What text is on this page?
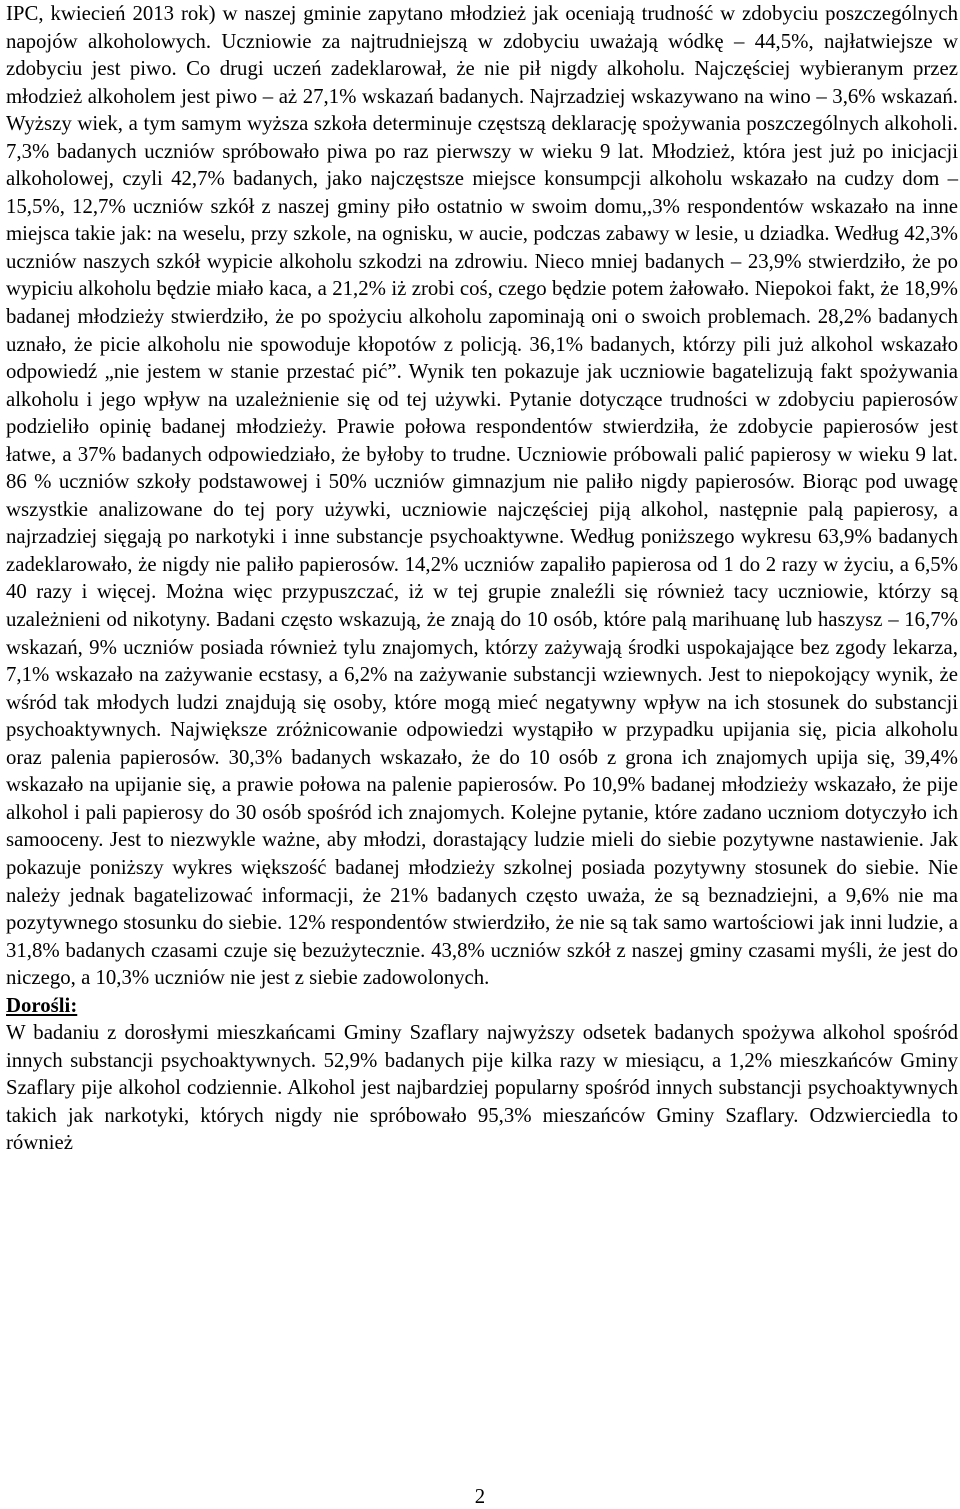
IPC, kwiecień 2013 rok) w naszej gminie zapytano młodzież jak oceniają trudność w zdobyciu poszczególnych napojów alkoholowych. Uczniowie za najtrudniejszą w zdobyciu uważają wódkę – 44,5%, najłatwiejsze w zdobyciu jest piwo. Co drugi uczeń zadeklarował, że nie pił nigdy alkoholu. Najczęściej wybieranym przez młodzież alkoholem jest piwo – aż 27,1% wskazań badanych. Najrzadziej wskazywano na wino – 3,6% wskazań. Wyższy wiek, a tym samym wyższa szkoła determinuje częstszą deklarację spożywania poszczególnych alkoholi. 7,3% badanych uczniów spróbowało piwa po raz pierwszy w wieku 9 lat. Młodzież, która jest już po inicjacji alkoholowej, czyli 42,7% badanych, jako najczęstsze miejsce konsumpcji alkoholu wskazało na cudzy dom – 15,5%, 12,7% uczniów szkół z naszej gminy piło ostatnio w swoim domu,,3% respondentów wskazało na inne miejsca takie jak: na weselu, przy szkole, na ognisku, w aucie, podczas zabawy w lesie, u dziadka. Według 42,3% uczniów naszych szkół wypicie alkoholu szkodzi na zdrowiu. Nieco mniej badanych – 23,9% stwierdziło, że po wypiciu alkoholu będzie miało kaca, a 21,2% iż zrobi coś, czego będzie potem żałowało. Niepokoi fakt, że 18,9% badanej młodzieży stwierdziło, że po spożyciu alkoholu zapominają oni o swoich problemach. 28,2% badanych uznało, że picie alkoholu nie spowoduje kłopotów z policją. 36,1% badanych, którzy pili już alkohol wskazało odpowiedź „nie jestem w stanie przestać pić”. Wynik ten pokazuje jak uczniowie bagatelizują fakt spożywania alkoholu i jego wpływ na uzależnienie się od tej używki. Pytanie dotyczące trudności w zdobyciu papierosów podzieliło opinię badanej młodzieży. Prawie połowa respondentów stwierdziła, że zdobycie papierosów jest łatwe, a 37% badanych odpowiedziało, że byłoby to trudne. Uczniowie próbowali palić papierosy w wieku 9 lat. 86 % uczniów szkoły podstawowej i 50% uczniów gimnazjum nie paliło nigdy papierosów. Biorąc pod uwagę wszystkie analizowane do tej pory używki, uczniowie najczęściej piją alkohol, następnie palą papierosy, a najrzadziej sięgają po narkotyki i inne substancje psychoaktywne. Według poniższego wykresu 63,9% badanych zadeklarowało, że nigdy nie paliło papierosów. 14,2% uczniów zapaliło papierosa od 1 do 2 razy w życiu, a 6,5% 40 razy i więcej. Można więc przypuszczać, iż w tej grupie znaleźli się również tacy uczniowie, którzy są uzależnieni od nikotyny. Badani często wskazują, że znają do 10 osób, które palą marihuanę lub haszysz – 16,7% wskazań, 9% uczniów posiada również tylu znajomych, którzy zażywają środki uspokajające bez zgody lekarza, 7,1% wskazało na zażywanie ecstasy, a 6,2% na zażywanie substancji wziewnych. Jest to niepokojący wynik, że wśród tak młodych ludzi znajdują się osoby, które mogą mieć negatywny wpływ na ich stosunek do substancji psychoaktywnych. Największe zróżnicowanie odpowiedzi wystąpiło w przypadku upijania się, picia alkoholu oraz palenia papierosów. 30,3% badanych wskazało, że do 10 osób z grona ich znajomych upija się, 39,4% wskazało na upijanie się, a prawie połowa na palenie papierosów. Po 10,9% badanej młodzieży wskazało, że pije alkohol i pali papierosy do 30 osób spośród ich znajomych. Kolejne pytanie, które zadano uczniom dotyczyło ich samooceny. Jest to niezwykle ważne, aby młodzi, dorastający ludzie mieli do siebie pozytywne nastawienie. Jak pokazuje poniższy wykres większość badanej młodzieży szkolnej posiada pozytywny stosunek do siebie. Nie należy jednak bagatelizować informacji, że 21% badanych często uważa, że są beznadziejni, a 9,6% nie ma pozytywnego stosunku do siebie. 12% respondentów stwierdziło, że nie są tak samo wartościowi jak inni ludzie, a 31,8% badanych czasami czuje się bezużytecznie. 43,8% uczniów szkół z naszej gminy czasami myśli, że jest do niczego, a 10,3% uczniów nie jest z siebie zadowolonych.

Dorośli:

W badaniu z dorosłymi mieszkańcami Gminy Szaflary najwyższy odsetek badanych spożywa alkohol spośród innych substancji psychoaktywnych. 52,9% badanych pije kilka razy w miesiącu, a 1,2% mieszkańców Gminy Szaflary pije alkohol codziennie. Alkohol jest najbardziej popularny spośród innych substancji psychoaktywnych takich jak narkotyki, których nigdy nie spróbowało 95,3% mieszańców Gminy Szaflary. Odzwierciedla to również

2
